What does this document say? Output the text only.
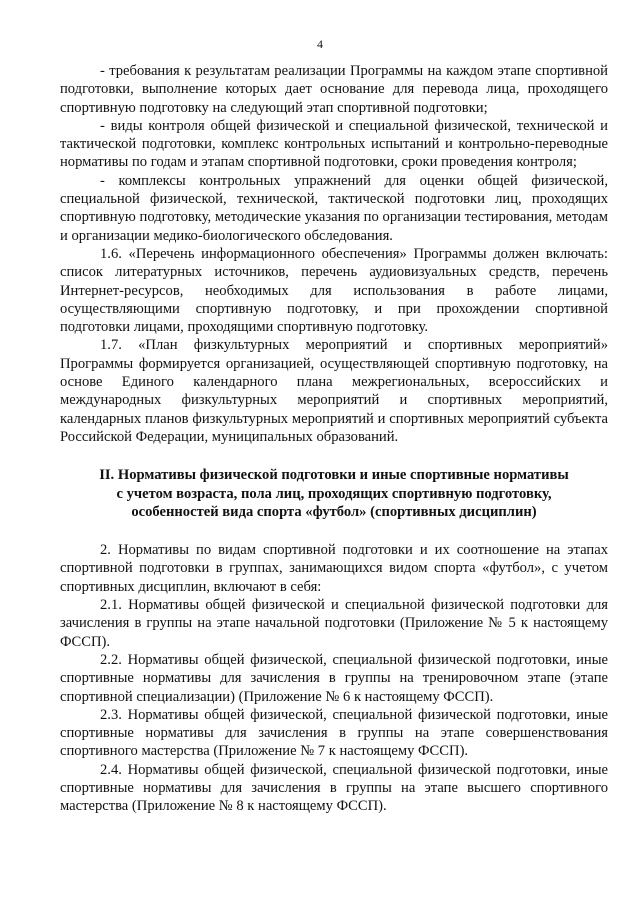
4

- требования к результатам реализации Программы на каждом этапе спортивной подготовки, выполнение которых дает основание для перевода лица, проходящего спортивную подготовку на следующий этап спортивной подготовки;

- виды контроля общей физической и специальной физической, технической и тактической подготовки, комплекс контрольных испытаний и контрольно-переводные нормативы по годам и этапам спортивной подготовки, сроки проведения контроля;

- комплексы контрольных упражнений для оценки общей физической, специальной физической, технической, тактической подготовки лиц, проходящих спортивную подготовку, методические указания по организации тестирования, методам и организации медико-биологического обследования.

1.6. «Перечень информационного обеспечения» Программы должен включать: список литературных источников, перечень аудиовизуальных средств, перечень Интернет-ресурсов, необходимых для использования в работе лицами, осуществляющими спортивную подготовку, и при прохождении спортивной подготовки лицами, проходящими спортивную подготовку.

1.7. «План физкультурных мероприятий и спортивных мероприятий» Программы формируется организацией, осуществляющей спортивную подготовку, на основе Единого календарного плана межрегиональных, всероссийских и международных физкультурных мероприятий и спортивных мероприятий, календарных планов физкультурных мероприятий и спортивных мероприятий субъекта Российской Федерации, муниципальных образований.

II. Нормативы физической подготовки и иные спортивные нормативы
с учетом возраста, пола лиц, проходящих спортивную подготовку,
особенностей вида спорта «футбол» (спортивных дисциплин)

2. Нормативы по видам спортивной подготовки и их соотношение на этапах спортивной подготовки в группах, занимающихся видом спорта «футбол», с учетом спортивных дисциплин, включают в себя:

2.1. Нормативы общей физической и специальной физической подготовки для зачисления в группы на этапе начальной подготовки (Приложение № 5 к настоящему ФССП).

2.2. Нормативы общей физической, специальной физической подготовки, иные спортивные нормативы для зачисления в группы на тренировочном этапе (этапе спортивной специализации) (Приложение № 6 к настоящему ФССП).

2.3. Нормативы общей физической, специальной физической подготовки, иные спортивные нормативы для зачисления в группы на этапе совершенствования спортивного мастерства (Приложение № 7 к настоящему ФССП).

2.4. Нормативы общей физической, специальной физической подготовки, иные спортивные нормативы для зачисления в группы на этапе высшего спортивного мастерства (Приложение № 8 к настоящему ФССП).
